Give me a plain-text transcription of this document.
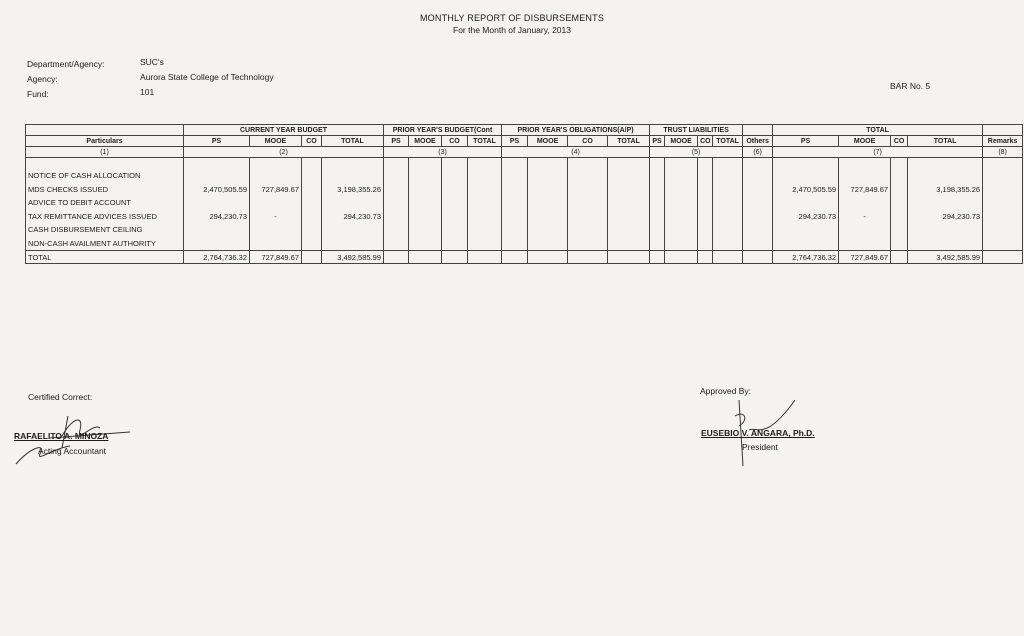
MONTHLY REPORT OF DISBURSEMENTS
For the Month of January, 2013
Department/Agency:	SUC's
Agency:	Aurora State College of Technology
Fund:	101
BAR No. 5
	CURRENT YEAR BUDGET				PRIOR YEAR'S BUDGET(Cont				PRIOR YEAR'S OBLIGATIONS(A/P)				TRUST LIABILITIES					TOTAL				
Particulars	PS	MOOE	CO	TOTAL	PS	MOOE	CO	TOTAL	PS	MOOE	CO	TOTAL	PS	MOOE	CO	TOTAL	Others	PS	MOOE	CO	TOTAL	Remarks
(1)	(2)				(3)				(4)				(5)				(6)	(7)				(8)

NOTICE OF CASH ALLOCATION																						
MDS CHECKS ISSUED	2,470,505.59	727,849.67		3,198,355.26														2,470,505.59	727,849.67		3,198,355.26	
ADVICE TO DEBIT ACCOUNT																						
TAX REMITTANCE ADVICES ISSUED	294,230.73	-		294,230.73														294,230.73	-		294,230.73	
CASH DISBURSEMENT CEILING																						
NON-CASH AVAILMENT AUTHORITY																						
TOTAL	2,764,736.32	727,849.67		3,492,585.99														2,764,736.32	727,849.67		3,492,585.99	
Certified Correct:
RAFAELITO A. MINOZA
Acting Accountant
Approved By:
EUSEBIO V. ANGARA, Ph.D.
President
